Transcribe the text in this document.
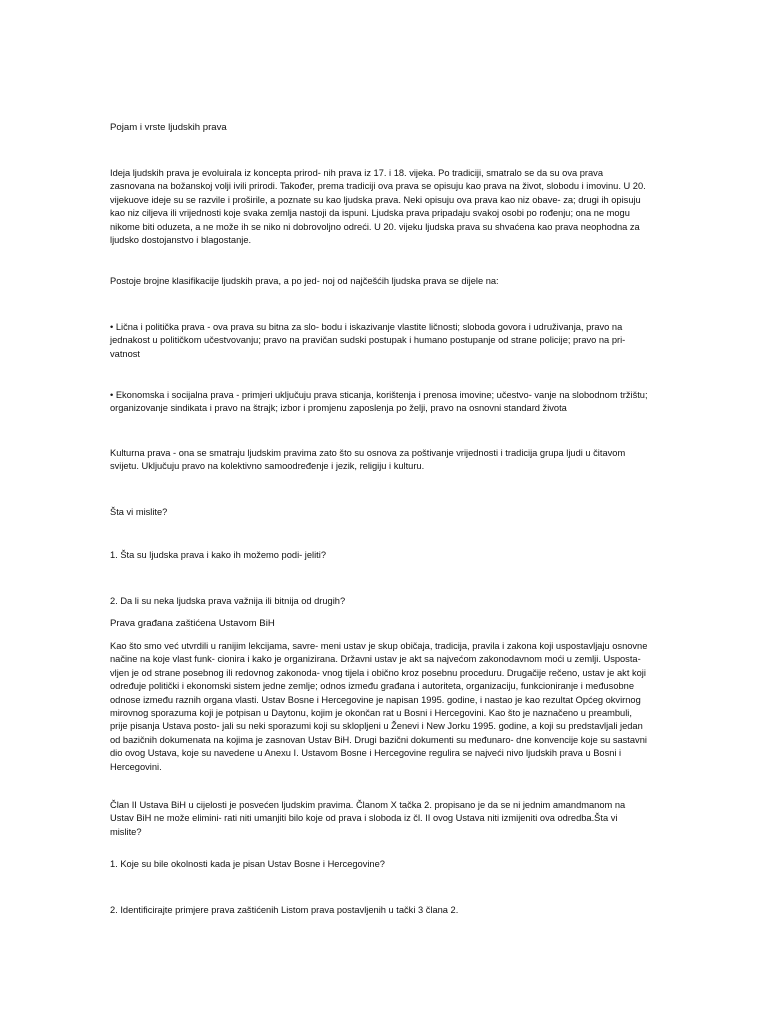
Pojam i vrste ljudskih prava

Ideja ljudskih prava je evoluirala iz koncepta prirod- nih prava iz 17. i 18. vijeka. Po tradiciji, smatralo se da su ova prava zasnovana na božanskoj volji ivili prirodi. Također, prema tradiciji ova prava se opisuju kao prava na život, slobodu i imovinu. U 20. vijekuove ideje su se razvile i proširile, a poznate su kao ljudska prava. Neki opisuju ova prava kao niz obave- za; drugi ih opisuju kao niz ciljeva ili vrijednosti koje svaka zemlja nastoji da ispuni. Ljudska prava pripadaju svakoj osobi po rođenju; ona ne mogu nikome biti oduzeta, a ne može ih se niko ni dobrovoljno odreći. U 20. vijeku ljudska prava su shvaćena kao prava neophodna za ljudsko dostojanstvo i blagostanje.

Postoje brojne klasifikacije ljudskih prava, a po jed- noj od najčešćih ljudska prava se dijele na:

• Lična i politička prava - ova prava su bitna za slo- bodu i iskazivanje vlastite ličnosti; sloboda govora i udruživanja, pravo na jednakost u političkom učestvovanju; pravo na pravičan sudski postupak i humano postupanje od strane policije; pravo na pri- vatnost

• Ekonomska i socijalna prava - primjeri uključuju prava sticanja, korištenja i prenosa imovine; učestvo- vanje na slobodnom tržištu; organizovanje sindikata i pravo na štrajk; izbor i promjenu zaposlenja po želji, pravo na osnovni standard života

Kulturna prava - ona se smatraju ljudskim pravima zato što su osnova za poštivanje vrijednosti i tradicija grupa ljudi u čitavom svijetu. Uključuju pravo na kolektivno samoodređenje i jezik, religiju i kulturu.

Šta vi mislite?

1. Šta su ljudska prava i kako ih možemo podi- jeliti?

2. Da li su neka ljudska prava važnija ili bitnija od drugih?

Prava građana zaštićena Ustavom BiH

Kao što smo već utvrdili u ranijim lekcijama, savre- meni ustav je skup običaja, tradicija, pravila i zakona koji uspostavljaju osnovne načine na koje vlast funk- cionira i kako je organizirana. Državni ustav je akt sa najvećom zakonodavnom moći u zemlji. Usposta- vljen je od strane posebnog ili redovnog zakonoda- vnog tijela i obično kroz posebnu proceduru. Drugačije rečeno, ustav je akt koji određuje politički i ekonomski sistem jedne zemlje; odnos između građana i autoriteta, organizaciju, funkcioniranje i međusobne odnose između raznih organa vlasti. Ustav Bosne i Hercegovine je napisan 1995. godine, i nastao je kao rezultat Općeg okvirnog mirovnog sporazuma koji je potpisan u Daytonu, kojim je okončan rat u Bosni i Hercegovini. Kao što je naznačeno u preambuli, prije pisanja Ustava posto- jali su neki sporazumi koji su sklopljeni u Ženevi i New Jorku 1995. godine, a koji su predstavljali jedan od bazičnih dokumenata na kojima je zasnovan Ustav BiH. Drugi bazični dokumenti su međunaro- dne konvencije koje su sastavni dio ovog Ustava, koje su navedene u Anexu I. Ustavom Bosne i Hercegovine regulira se najveći nivo ljudskih prava u Bosni i Hercegovini.

Član II Ustava BiH u cijelosti je posvećen ljudskim pravima. Članom X tačka 2. propisano je da se ni jednim amandmanom na Ustav BiH ne može elimini- rati niti umanjiti bilo koje od prava i sloboda iz čl. II ovog Ustava niti izmijeniti ova odredba.Šta vi mislite?

1. Koje su bile okolnosti kada je pisan Ustav Bosne i Hercegovine?

2. Identificirajte primjere prava zaštićenih Listom prava postavljenih u tački 3 člana 2.
